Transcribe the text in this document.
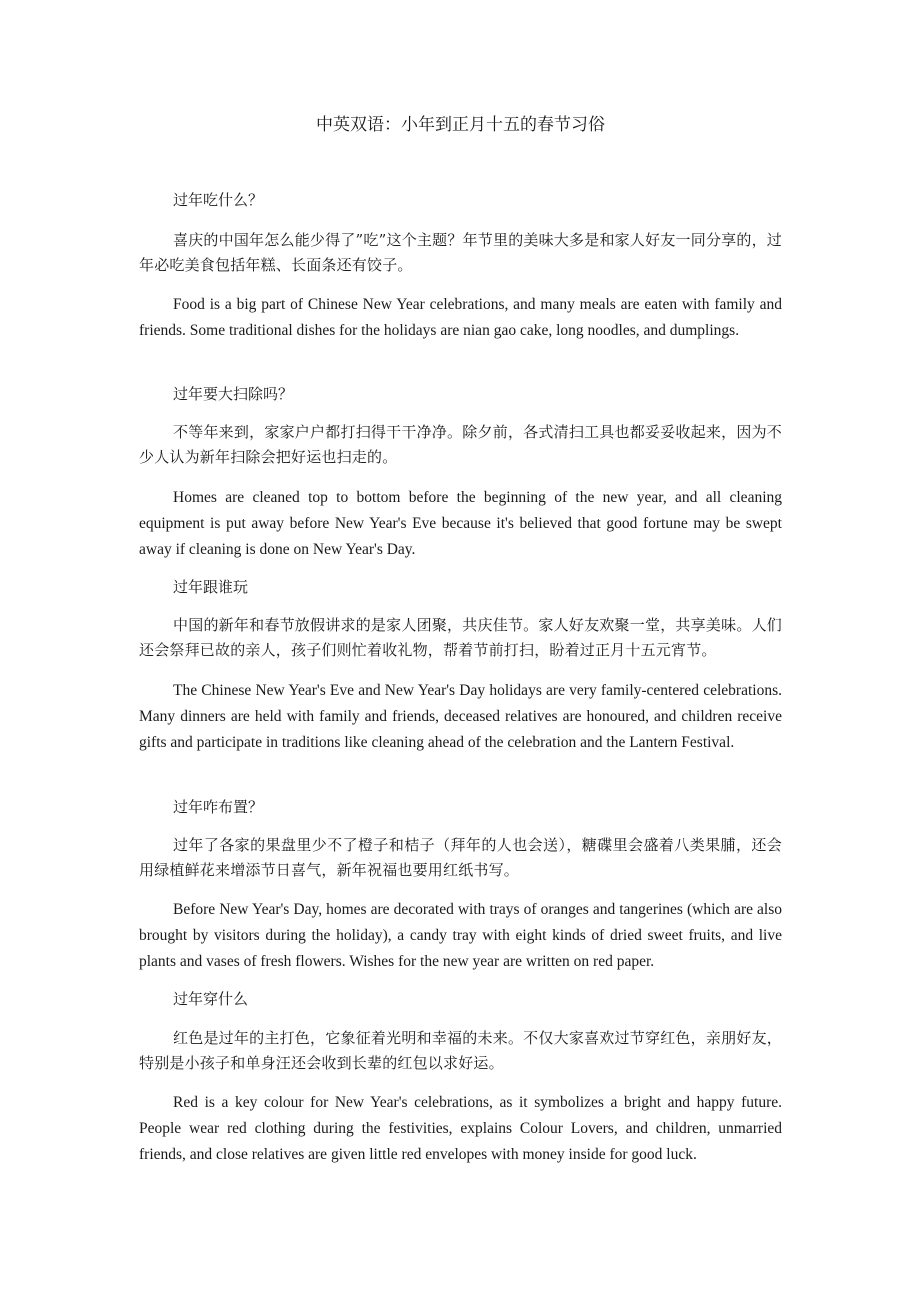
中英双语：小年到正月十五的春节习俗

过年吃什么？

喜庆的中国年怎么能少得了”吃”这个主题？年节里的美味大多是和家人好友一同分享的，过年必吃美食包括年糕、长面条还有饺子。

Food is a big part of Chinese New Year celebrations, and many meals are eaten with family and friends. Some traditional dishes for the holidays are nian gao cake, long noodles, and dumplings.

过年要大扫除吗？

不等年来到，家家户户都打扫得干干净净。除夕前，各式清扫工具也都妥妥收起来，因为不少人认为新年扫除会把好运也扫走的。

Homes are cleaned top to bottom before the beginning of the new year, and all cleaning equipment is put away before New Year's Eve because it's believed that good fortune may be swept away if cleaning is done on New Year's Day.

过年跟谁玩

中国的新年和春节放假讲求的是家人团聚，共庆佳节。家人好友欢聚一堂，共享美味。人们还会祭拜已故的亲人，孩子们则忙着收礼物，帮着节前打扫，盼着过正月十五元宵节。

The Chinese New Year's Eve and New Year's Day holidays are very family-centered celebrations. Many dinners are held with family and friends, deceased relatives are honoured, and children receive gifts and participate in traditions like cleaning ahead of the celebration and the Lantern Festival.

过年咋布置？

过年了各家的果盘里少不了橙子和桔子（拜年的人也会送），糖碟里会盛着八类果脯，还会用绿植鲜花来增添节日喜气，新年祝福也要用红纸书写。

Before New Year's Day, homes are decorated with trays of oranges and tangerines (which are also brought by visitors during the holiday), a candy tray with eight kinds of dried sweet fruits, and live plants and vases of fresh flowers. Wishes for the new year are written on red paper.

过年穿什么

红色是过年的主打色，它象征着光明和幸福的未来。不仅大家喜欢过节穿红色，亲朋好友，特别是小孩子和单身汪还会收到长辈的红包以求好运。

Red is a key colour for New Year's celebrations, as it symbolizes a bright and happy future. People wear red clothing during the festivities, explains Colour Lovers, and children, unmarried friends, and close relatives are given little red envelopes with money inside for good luck.
